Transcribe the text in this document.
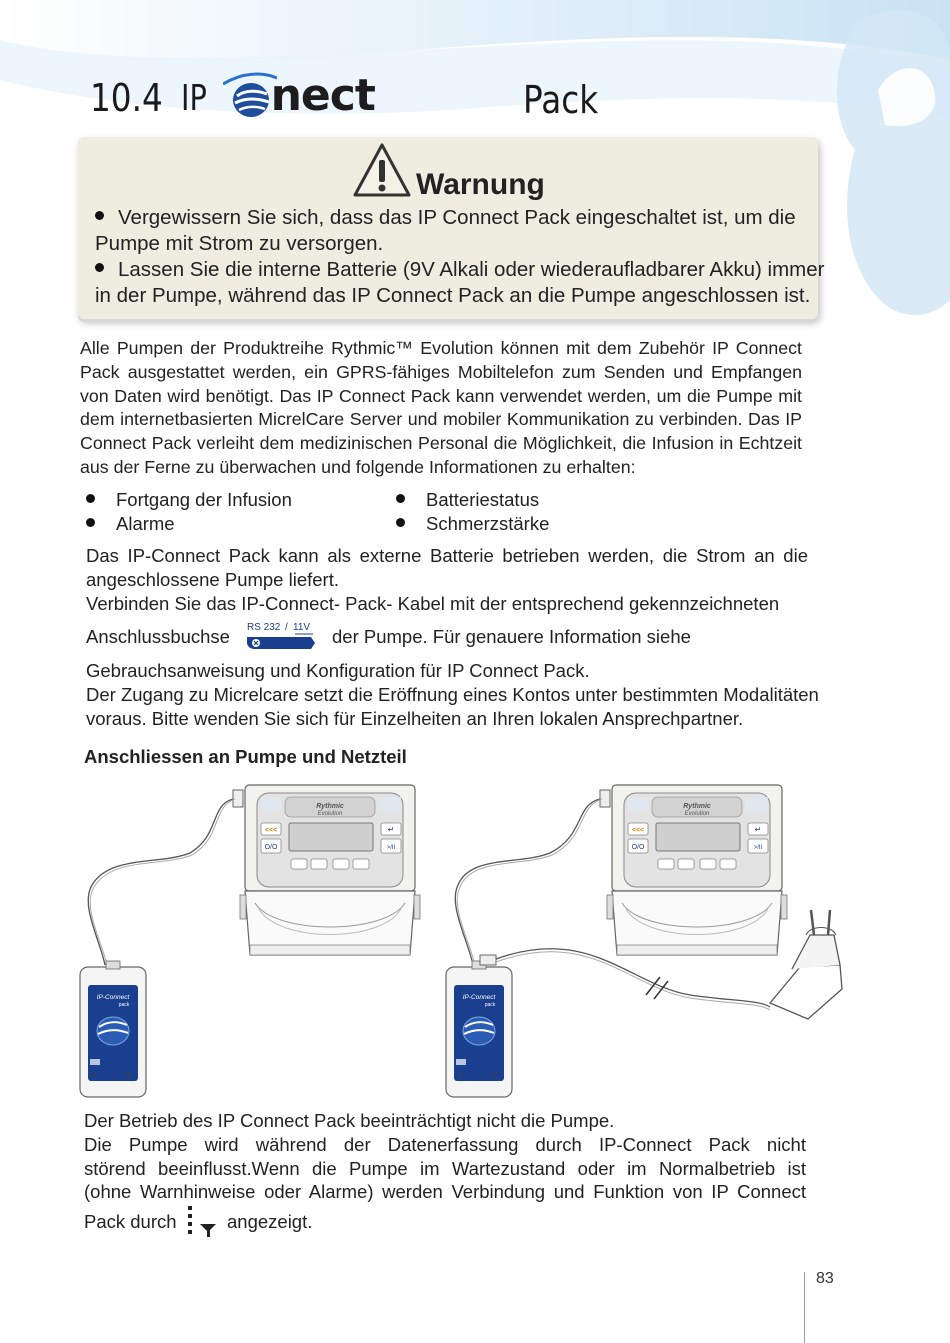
10.4 IP nect	Pack
Warnung
Vergewissern Sie sich, dass das IP Connect Pack eingeschaltet ist, um die
Pumpe mit Strom zu versorgen.
Lassen Sie die interne Batterie (9V Alkali oder wiederaufladbarer Akku) immer
in der Pumpe, während das IP Connect Pack an die Pumpe angeschlossen ist.
Alle Pumpen der Produktreihe Rythmic™ Evolution können mit dem Zubehör IP Connect
Pack ausgestattet werden, ein GPRS-fähiges Mobiltelefon zum Senden und Empfangen
von Daten wird benötigt. Das IP Connect Pack kann verwendet werden, um die Pumpe mit
dem internetbasierten MicrelCare Server und mobiler Kommunikation zu verbinden. Das IP
Connect Pack verleiht dem medizinischen Personal die Möglichkeit, die Infusion in Echtzeit
aus der Ferne zu überwachen und folgende Informationen zu erhalten:
Fortgang der Infusion	Batteriestatus
Alarme	Schmerzstärke
Das IP-Connect Pack kann als externe Batterie betrieben werden, die Strom an die
angeschlossene Pumpe liefert.
Verbinden Sie das IP-Connect- Pack- Kabel mit der entsprechend gekennzeichneten
Anschlussbuchse RS 232 / 11V der Pumpe. Für genauere Information siehe
Gebrauchsanweisung und Konfiguration für IP Connect Pack.
Der Zugang zu Micrelcare setzt die Eröffnung eines Kontos unter bestimmten Modalitäten
voraus. Bitte wenden Sie sich für Einzelheiten an Ihren lokalen Ansprechpartner.
Anschliessen an Pumpe und Netzteil
Rythmic
Evolution
<<<
O/O
↵
>/II
IP-Connect
pack
✕	CE
Der Betrieb des IP Connect Pack beeinträchtigt nicht die Pumpe.
Die Pumpe wird während der Datenerfassung durch IP-Connect Pack nicht
störend beeinflusst.Wenn die Pumpe im Wartezustand oder im Normalbetrieb ist
(ohne Warnhinweise oder Alarme) werden Verbindung und Funktion von IP Connect
Pack durch	angezeigt.
83
